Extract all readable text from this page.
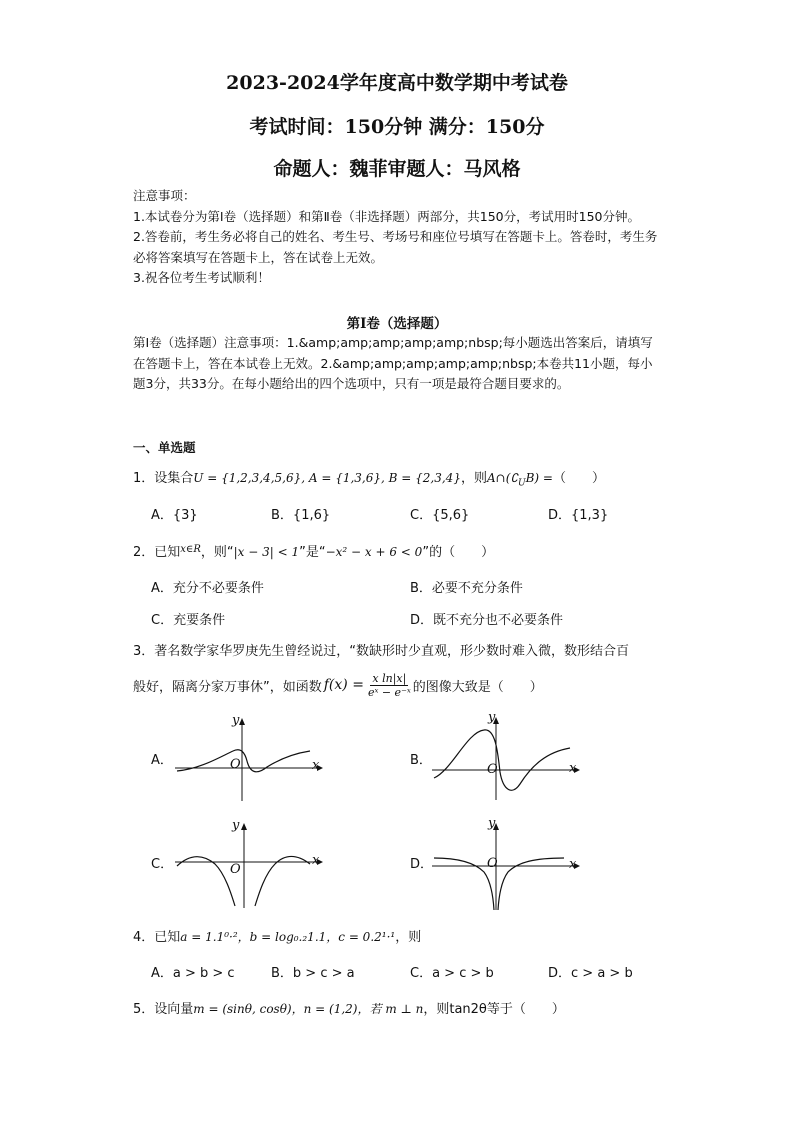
2023-2024学年度高中数学期中考试卷
考试时间：150分钟 满分：150分
命题人：魏菲审题人：马风格

注意事项：

1.本试卷分为第Ⅰ卷（选择题）和第Ⅱ卷（非选择题）两部分，共150分，考试用时150分钟。

2.答卷前，考生务必将自己的姓名、考生号、考场号和座位号填写在答题卡上。答卷时，考生务必将答案填写在答题卡上，答在试卷上无效。

3.祝各位考生考试顺利！

第Ⅰ卷（选择题）

第Ⅰ卷（选择题）注意事项：1.&amp;amp;amp;amp;amp;nbsp;每小题选出答案后，请填写在答题卡上，答在本试卷上无效。2.&amp;amp;amp;amp;amp;nbsp;本卷共11小题，每小题3分，共33分。在每小题给出的四个选项中，只有一项是最符合题目要求的。

一、单选题
1．设集合U = {1,2,3,4,5,6}, A = {1,3,6}, B = {2,3,4}，则$A\cap(∁_UB)$ =（　　）
A．{3}	B．{1,6}	C．{5,6}	D．{1,3}
2．已知$^{x\in R}$，则“|x − 3| < 1”是“−x² − x + 6 < 0”的（　　）
A．充分不必要条件	B．必要不充分条件
C．充要条件	D．既不充分也不必要条件
3．著名数学家华罗庚先生曾经说过，“数缺形时少直观，形少数时难入微，数形结合百
般好，隔离分家万事休”，如函数 $f(x) = \frac{\text{x ln|x|}}{\text{eˣ − e⁻ˣ}}$ 的图像大致是（　　）
A．	O	x
y
B．
O	x
y
C．	O
x
y
D．	O	x
y
4．已知a = 1.1⁰·²，b = log₀.₂1.1，c = 0.2¹·¹，则
A．a > b > c	B．b > c > a	C．a > c > b	D．c > a > b
5．设向量m = (sinθ, cosθ)，n = (1,2)，若 m ⊥ n，则tan2θ等于（　　）
